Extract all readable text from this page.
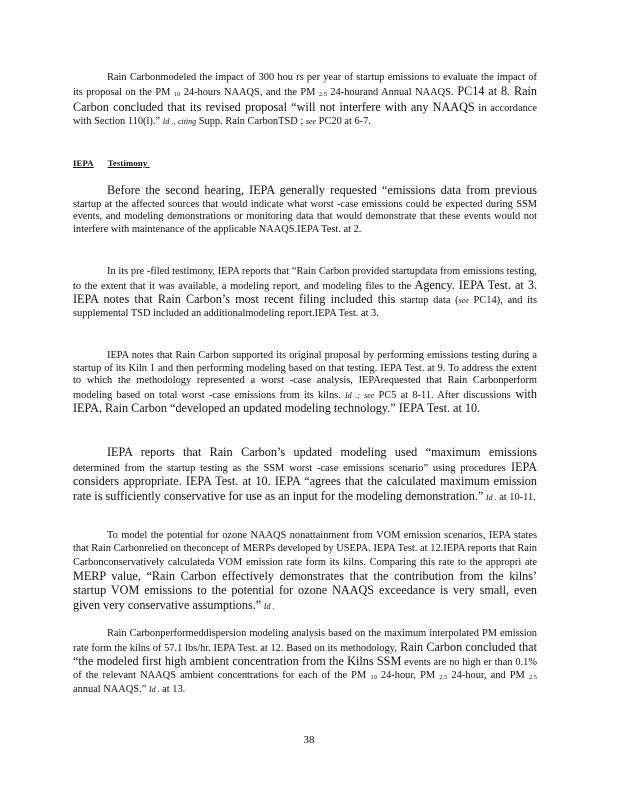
Rain Carbonmodeled the impact of 300 hou rs per year of startup emissions to evaluate the impact of its proposal on the PM 10 24-hours NAAQS, and the PM 2.5 24-hourand Annual NAAQS. PC14 at 8. Rain Carbon concluded that its revised proposal “will not interfere with any NAAQS in accordance with Section 110(l).” Id ., citing Supp. Rain CarbonTSD ; see PC20 at 6-7.

IEPA Testimony

Before the second hearing, IEPA generally requested “emissions data from previous startup at the affected sources that would indicate what worst -case emissions could be expected during SSM events, and modeling demonstrations or monitoring data that would demonstrate that these events would not interfere with maintenance of the applicable NAAQS.IEPA Test. at 2.

In its pre -filed testimony, IEPA reports that “Rain Carbon provided startupdata from emissions testing, to the extent that it was available, a modeling report, and modeling files to the Agency. IEPA Test. at 3. IEPA notes that Rain Carbon’s most recent filing included this startup data (see PC14), and its supplemental TSD included an additionalmodeling report.IEPA Test. at 3.

IEPA notes that Rain Carbon supported its original proposal by performing emissions testing during a startup of its Kiln 1 and then performing modeling based on that testing. IEPA Test. at 9. To address the extent to which the methodology represented a worst -case analysis, IEPArequested that Rain Carbonperform modeling based on total worst -case emissions from its kilns. Id .; see PC5 at 8-11. After discussions with IEPA, Rain Carbon “developed an updated modeling technology.” IEPA Test. at 10.

IEPA reports that Rain Carbon’s updated modeling used “maximum emissions determined from the startup testing as the SSM worst -case emissions scenario” using procedures IEPA considers appropriate. IEPA Test. at 10. IEPA “agrees that the calculated maximum emission rate is sufficiently conservative for use as an input for the modeling demonstration.” Id . at 10-11.

To model the potential for ozone NAAQS nonattainment from VOM emission scenarios, IEPA states that Rain Carbonrelied on theconcept of MERPs developed by USEPA. IEPA Test. at 12.IEPA reports that Rain Carbonconservatively calculateda VOM emission rate form its kilns. Comparing this rate to the appropri ate MERP value, “Rain Carbon effectively demonstrates that the contribution from the kilns’ startup VOM emissions to the potential for ozone NAAQS exceedance is very small, even given very conservative assumptions.” Id .

Rain Carbonperformeddispersion modeling analysis based on the maximum interpolated PM emission rate form the kilns of 57.1 lbs/hr. IEPA Test. at 12. Based on its methodology, Rain Carbon concluded that “the modeled first high ambient concentration from the Kilns SSM events are no high er than 0.1% of the relevant NAAQS ambient concentrations for each of the PM 10 24-hour, PM 2.5 24-hour, and PM 2.5 annual NAAQS.” Id . at 13.

38
